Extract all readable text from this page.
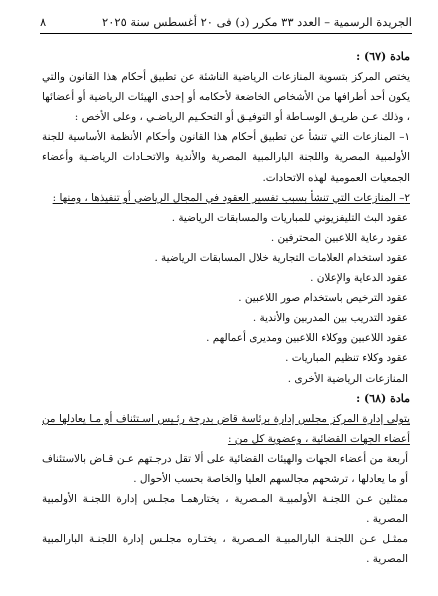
الجريدة الرسمية – العدد ٣٣ مكرر (د) فى ٢٠ أغسطس سنة ٢٠٢٥
٨

مادة (٦٧) :

يختص المركز بتسوية المنازعات الرياضية الناشئة عن تطبيق أحكام هذا القانون والتي يكون أحد أطرافها من الأشخاص الخاضعة لأحكامه أو إحدى الهيئات الرياضية أو أعضائها ، وذلك عـن طريـق الوسـاطة أو التوفيـق أو التحكـيم الرياضـي ، وعلى الأخص :

١– المنازعات التي تنشأ عن تطبيق أحكام هذا القانون وأحكام الأنظمة الأساسية للجنة الأولمبية المصرية واللجنة البارالمبية المصرية والأندية والاتحـادات الرياضـية وأعضاء الجمعيات العمومية لهذه الاتحادات.

٢– المنازعات التي تنشأ بسبب تفسير العقود في المجال الرياضي أو تنفيذها ، ومنها :

عقود البث التليفزيوني للمباريات والمسابقات الرياضية .

عقود رعاية اللاعبين المحترفين .

عقود استخدام العلامات التجارية خلال المسابقات الرياضية .

عقود الدعاية والإعلان .

عقود الترخيص باستخدام صور اللاعبين .

عقود التدريب بين المدربين والأندية .

عقود اللاعبين ووكلاء اللاعبين ومديرى أعمالهم .

عقود وكلاء تنظيم المباريات .

المنازعات الرياضية الأخرى .

مادة (٦٨) :

يتولى إدارة المركز مجلس إدارة برئاسة قاض بدرجة رئـيس اسـتئناف أو مـا يعادلها من أعضاء الجهات القضائية ، وعضوية كل من :

أربعة من أعضاء الجهات والهيئات القضائية على ألا تقل درجـتهم عـن قـاض بالاستئناف أو ما يعادلها ، ترشحهم مجالسهم العليا والخاصة بحسب الأحوال .

ممثلين عـن اللجنـة الأولمبيـة المـصرية ، يختارهمـا مجلـس إدارة اللجنـة الأولمبية المصرية .

ممثـل عـن اللجنـة البارالمبيـة المـصرية ، يختـاره مجلـس إدارة اللجنـة البارالمبية المصرية .
